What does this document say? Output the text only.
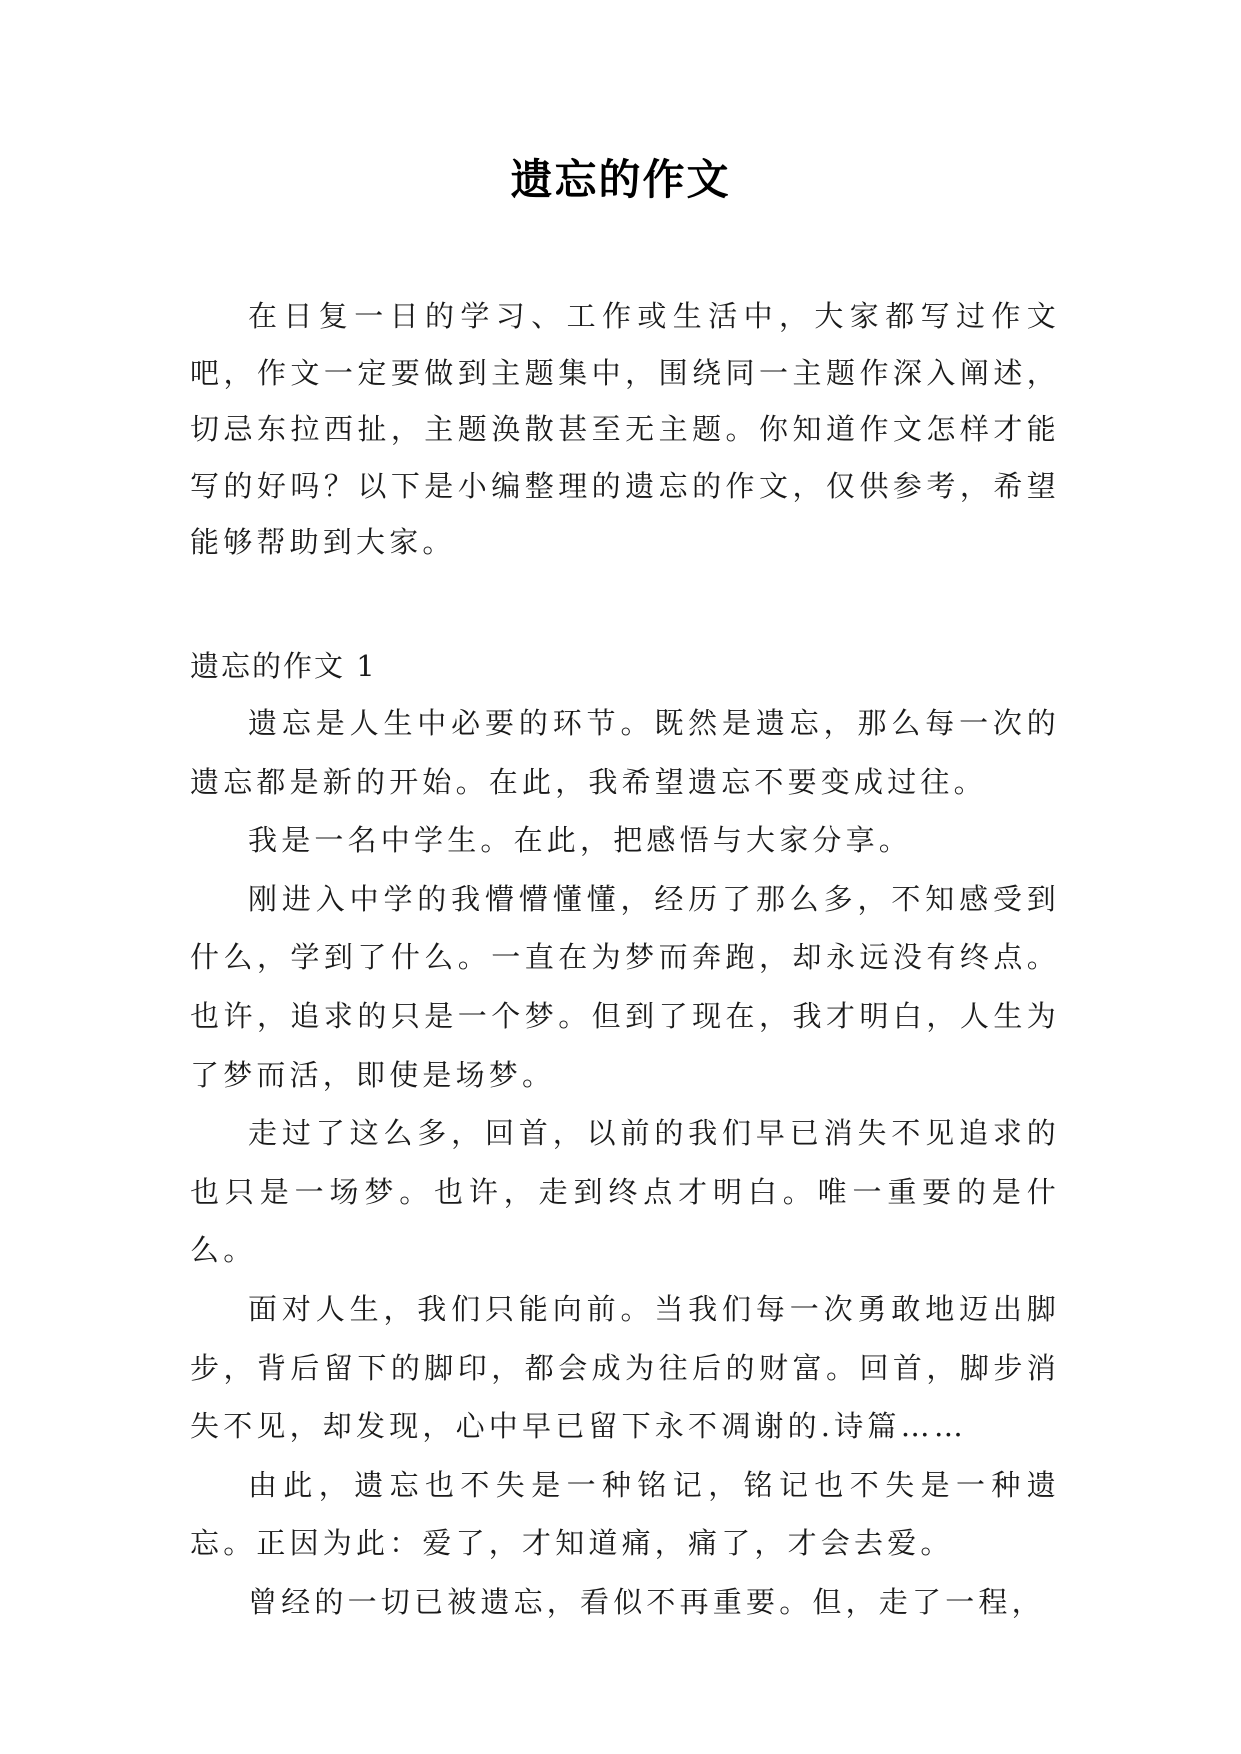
遗忘的作文

在日复一日的学习、工作或生活中，大家都写过作文吧，作文一定要做到主题集中，围绕同一主题作深入阐述，切忌东拉西扯，主题涣散甚至无主题。你知道作文怎样才能写的好吗？以下是小编整理的遗忘的作文，仅供参考，希望能够帮助到大家。

遗忘的作文 1

遗忘是人生中必要的环节。既然是遗忘，那么每一次的遗忘都是新的开始。在此，我希望遗忘不要变成过往。

我是一名中学生。在此，把感悟与大家分享。

刚进入中学的我懵懵懂懂，经历了那么多，不知感受到什么，学到了什么。一直在为梦而奔跑，却永远没有终点。也许，追求的只是一个梦。但到了现在，我才明白，人生为了梦而活，即使是场梦。

走过了这么多，回首，以前的我们早已消失不见追求的也只是一场梦。也许，走到终点才明白。唯一重要的是什么。

面对人生，我们只能向前。当我们每一次勇敢地迈出脚步，背后留下的脚印，都会成为往后的财富。回首，脚步消失不见，却发现，心中早已留下永不凋谢的.诗篇……

由此，遗忘也不失是一种铭记，铭记也不失是一种遗忘。正因为此：爱了，才知道痛，痛了，才会去爱。

曾经的一切已被遗忘，看似不再重要。但，走了一程，
